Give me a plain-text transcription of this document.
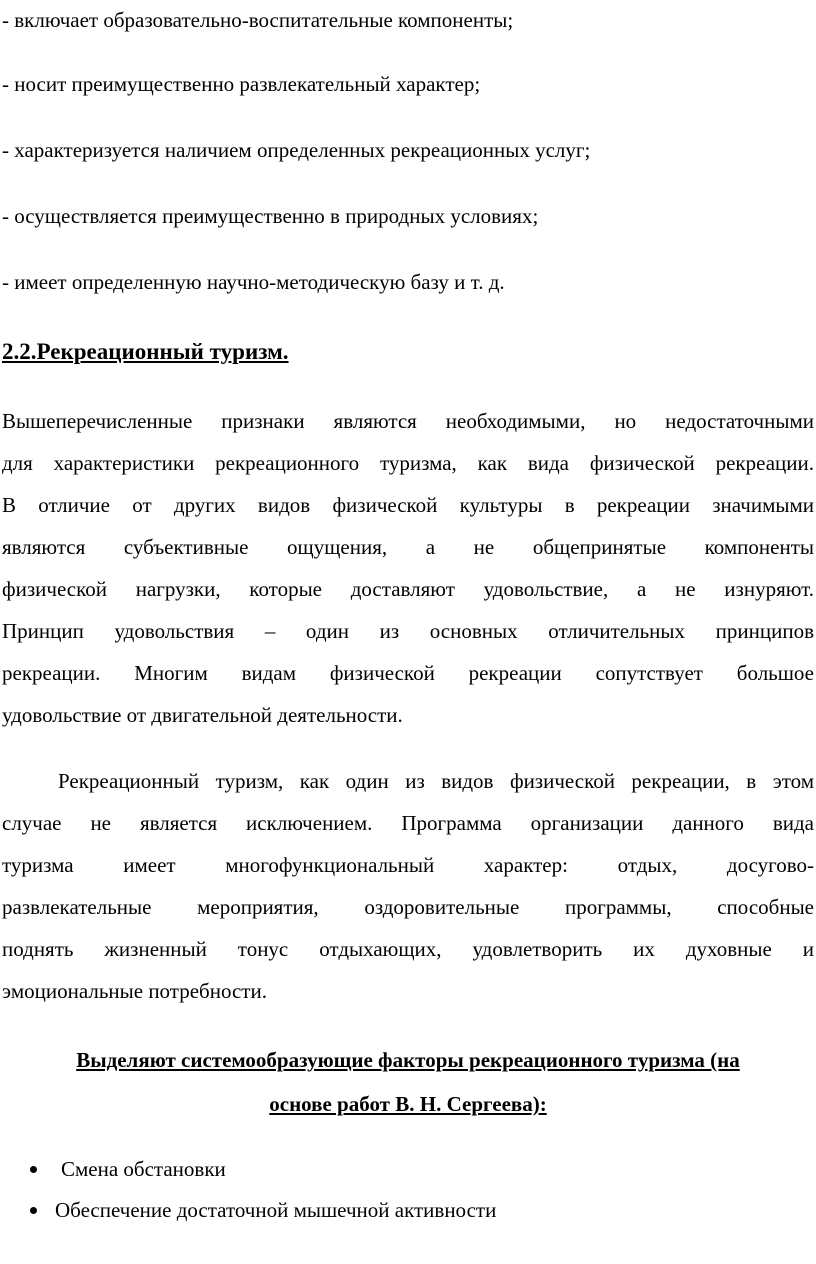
- включает образовательно-воспитательные компоненты;
- носит преимущественно развлекательный характер;
- характеризуется наличием определенных рекреационных услуг;
- осуществляется преимущественно в природных условиях;
- имеет определенную научно-методическую базу и т. д.
2.2.Рекреационный туризм.
Вышеперечисленные признаки являются необходимыми, но недостаточными
для характеристики рекреационного туризма, как вида физической рекреации.
В отличие от других видов физической культуры в рекреации значимыми
являются субъективные ощущения, а не общепринятые компоненты
физической нагрузки, которые доставляют удовольствие, а не изнуряют.
Принцип удовольствия – один из основных отличительных принципов
рекреации. Многим видам физической рекреации сопутствует большое
удовольствие от двигательной деятельности.
Рекреационный туризм, как один из видов физической рекреации, в этом
случае не является исключением. Программа организации данного вида
туризма имеет многофункциональный характер: отдых, досугово-
развлекательные мероприятия, оздоровительные программы, способные
поднять жизненный тонус отдыхающих, удовлетворить их духовные и
эмоциональные потребности.
Выделяют системообразующие факторы рекреационного туризма (на
основе работ В. Н. Сергеева):
Смена обстановки
Обеспечение достаточной мышечной активности
